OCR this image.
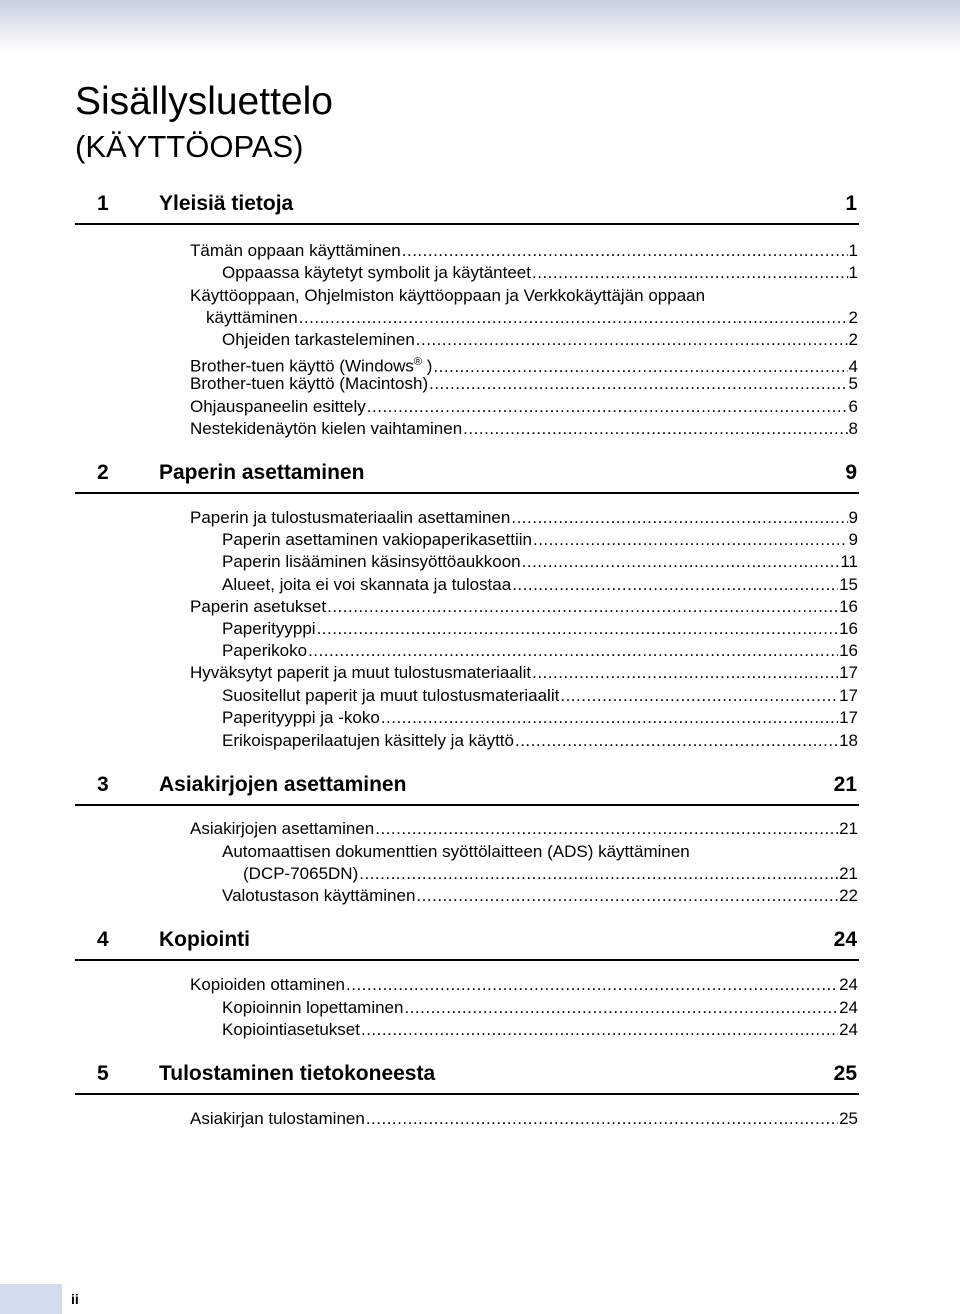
Sisällysluettelo
(KÄYTTÖOPAS)
1 Yleisiä tietoja	1
Tämän oppaan käyttäminen .....	1
Oppaassa käytetyt symbolit ja käytänteet .....	1
Käyttöoppaan, Ohjelmiston käyttöoppaan ja Verkkokäyttäjän oppaan
käyttäminen .....	2
Ohjeiden tarkasteleminen .....	2
Brother-tuen käyttö (Windows® ) .....	4
Brother-tuen käyttö (Macintosh) .....	5
Ohjauspaneelin esittely .....	6
Nestekidenäytön kielen vaihtaminen .....	8
2 Paperin asettaminen	9
Paperin ja tulostusmateriaalin asettaminen .....	9
Paperin asettaminen vakiopaperikasettiin .....	9
Paperin lisääminen käsinsyöttöaukkoon .....	11
Alueet, joita ei voi skannata ja tulostaa .....	15
Paperin asetukset .....	16
Paperityyppi .....	16
Paperikoko .....	16
Hyväksytyt paperit ja muut tulostusmateriaalit .....	17
Suositellut paperit ja muut tulostusmateriaalit .....	17
Paperityyppi ja -koko .....	17
Erikoispaperilaatujen käsittely ja käyttö .....	18
3 Asiakirjojen asettaminen	21
Asiakirjojen asettaminen .....	21
Automaattisen dokumenttien syöttölaitteen (ADS) käyttäminen
(DCP-7065DN) .....	21
Valotustason käyttäminen .....	22
4 Kopiointi	24
Kopioiden ottaminen .....	24
Kopioinnin lopettaminen .....	24
Kopiointiasetukset .....	24
5 Tulostaminen tietokoneesta	25
Asiakirjan tulostaminen .....	25
ii
